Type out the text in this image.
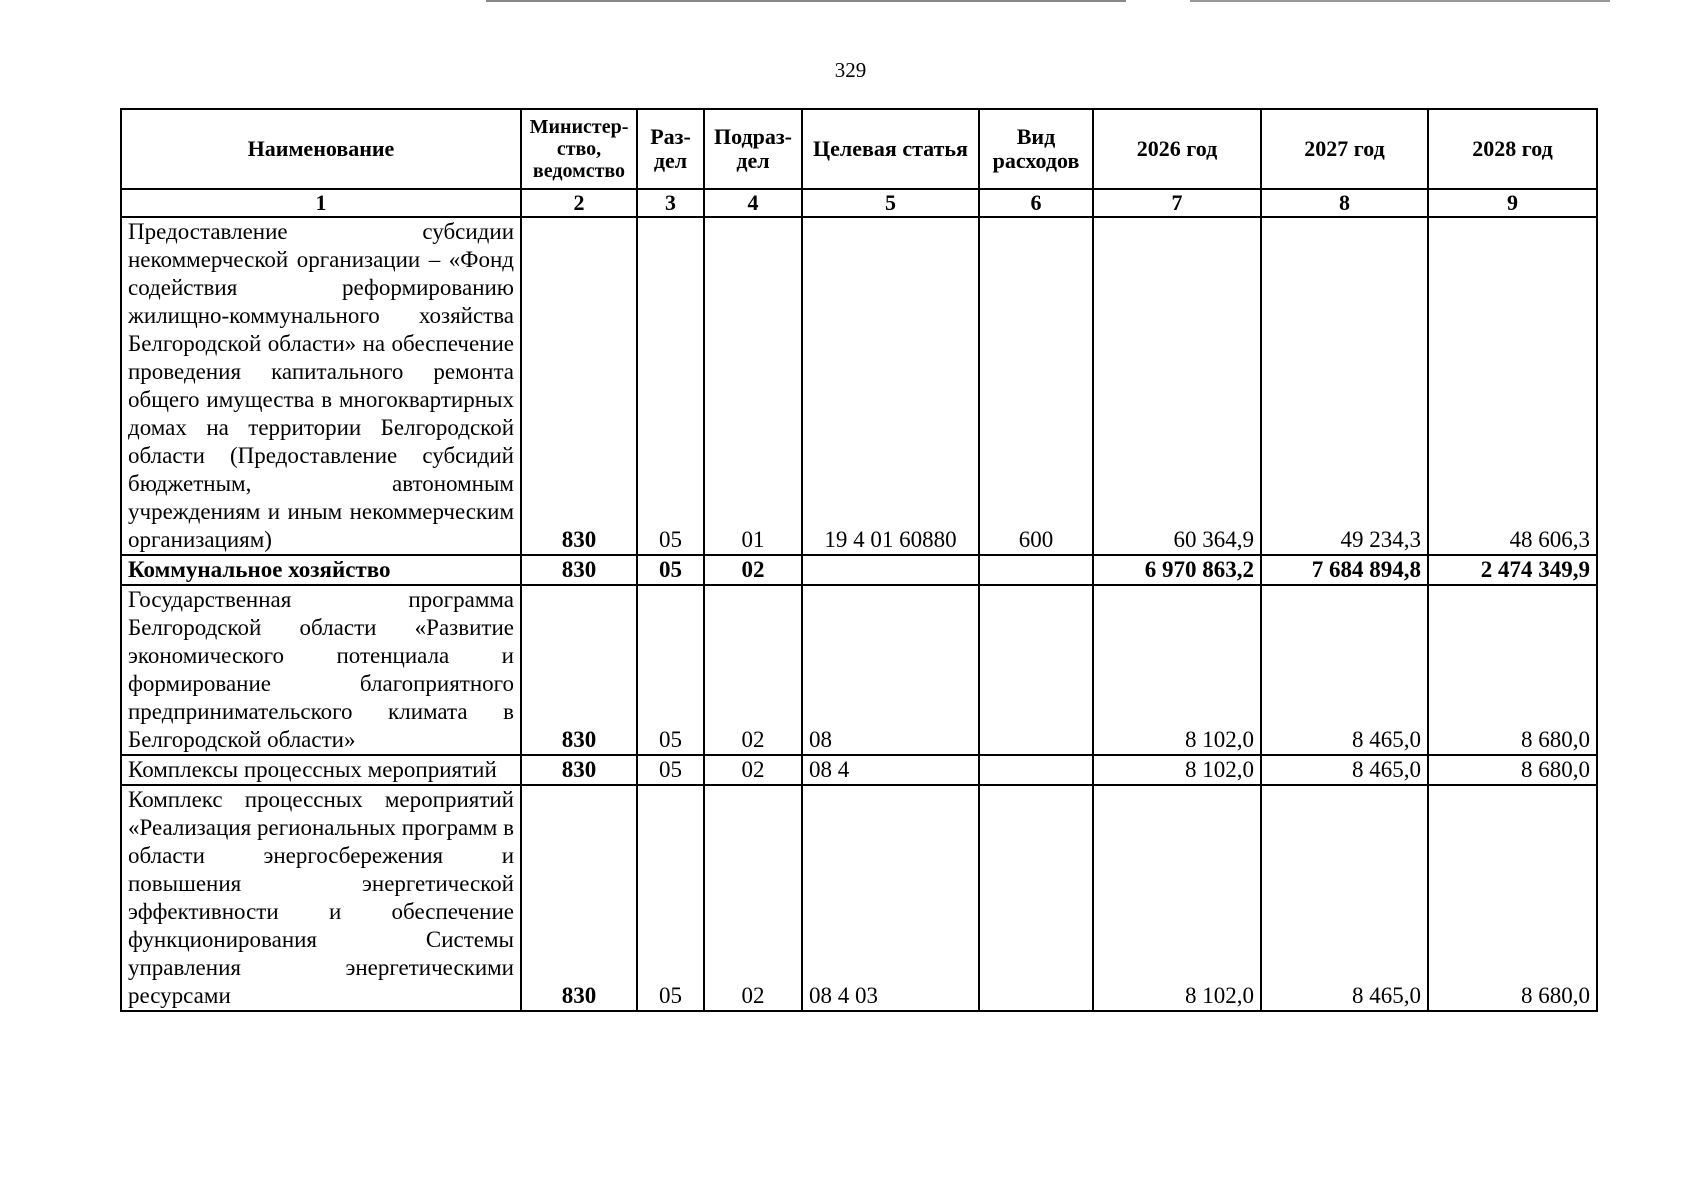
329
Наименование	Министер-ство, ведомство	Раз-дел	Подраз-дел	Целевая статья	Вид расходов	2026 год	2027 год	2028 год
1	2	3	4	5	6	7	8	9
Предоставление субсидии некоммерческой организации – «Фонд содействия реформированию жилищно-коммунального хозяйства Белгородской области» на обеспечение проведения капитального ремонта общего имущества в многоквартирных домах на территории Белгородской области (Предоставление субсидий бюджетным, автономным учреждениям и иным некоммерческим организациям)	830	05	01	19 4 01 60880	600	60 364,9	49 234,3	48 606,3
Коммунальное хозяйство	830	05	02			6 970 863,2	7 684 894,8	2 474 349,9
Государственная программа Белгородской области «Развитие экономического потенциала и формирование благоприятного предпринимательского климата в Белгородской области»	830	05	02	08		8 102,0	8 465,0	8 680,0
Комплексы процессных мероприятий	830	05	02	08 4		8 102,0	8 465,0	8 680,0
Комплекс процессных мероприятий «Реализация региональных программ в области энергосбережения и повышения энергетической эффективности и обеспечение функционирования Системы управления энергетическими ресурсами	830	05	02	08 4 03		8 102,0	8 465,0	8 680,0
